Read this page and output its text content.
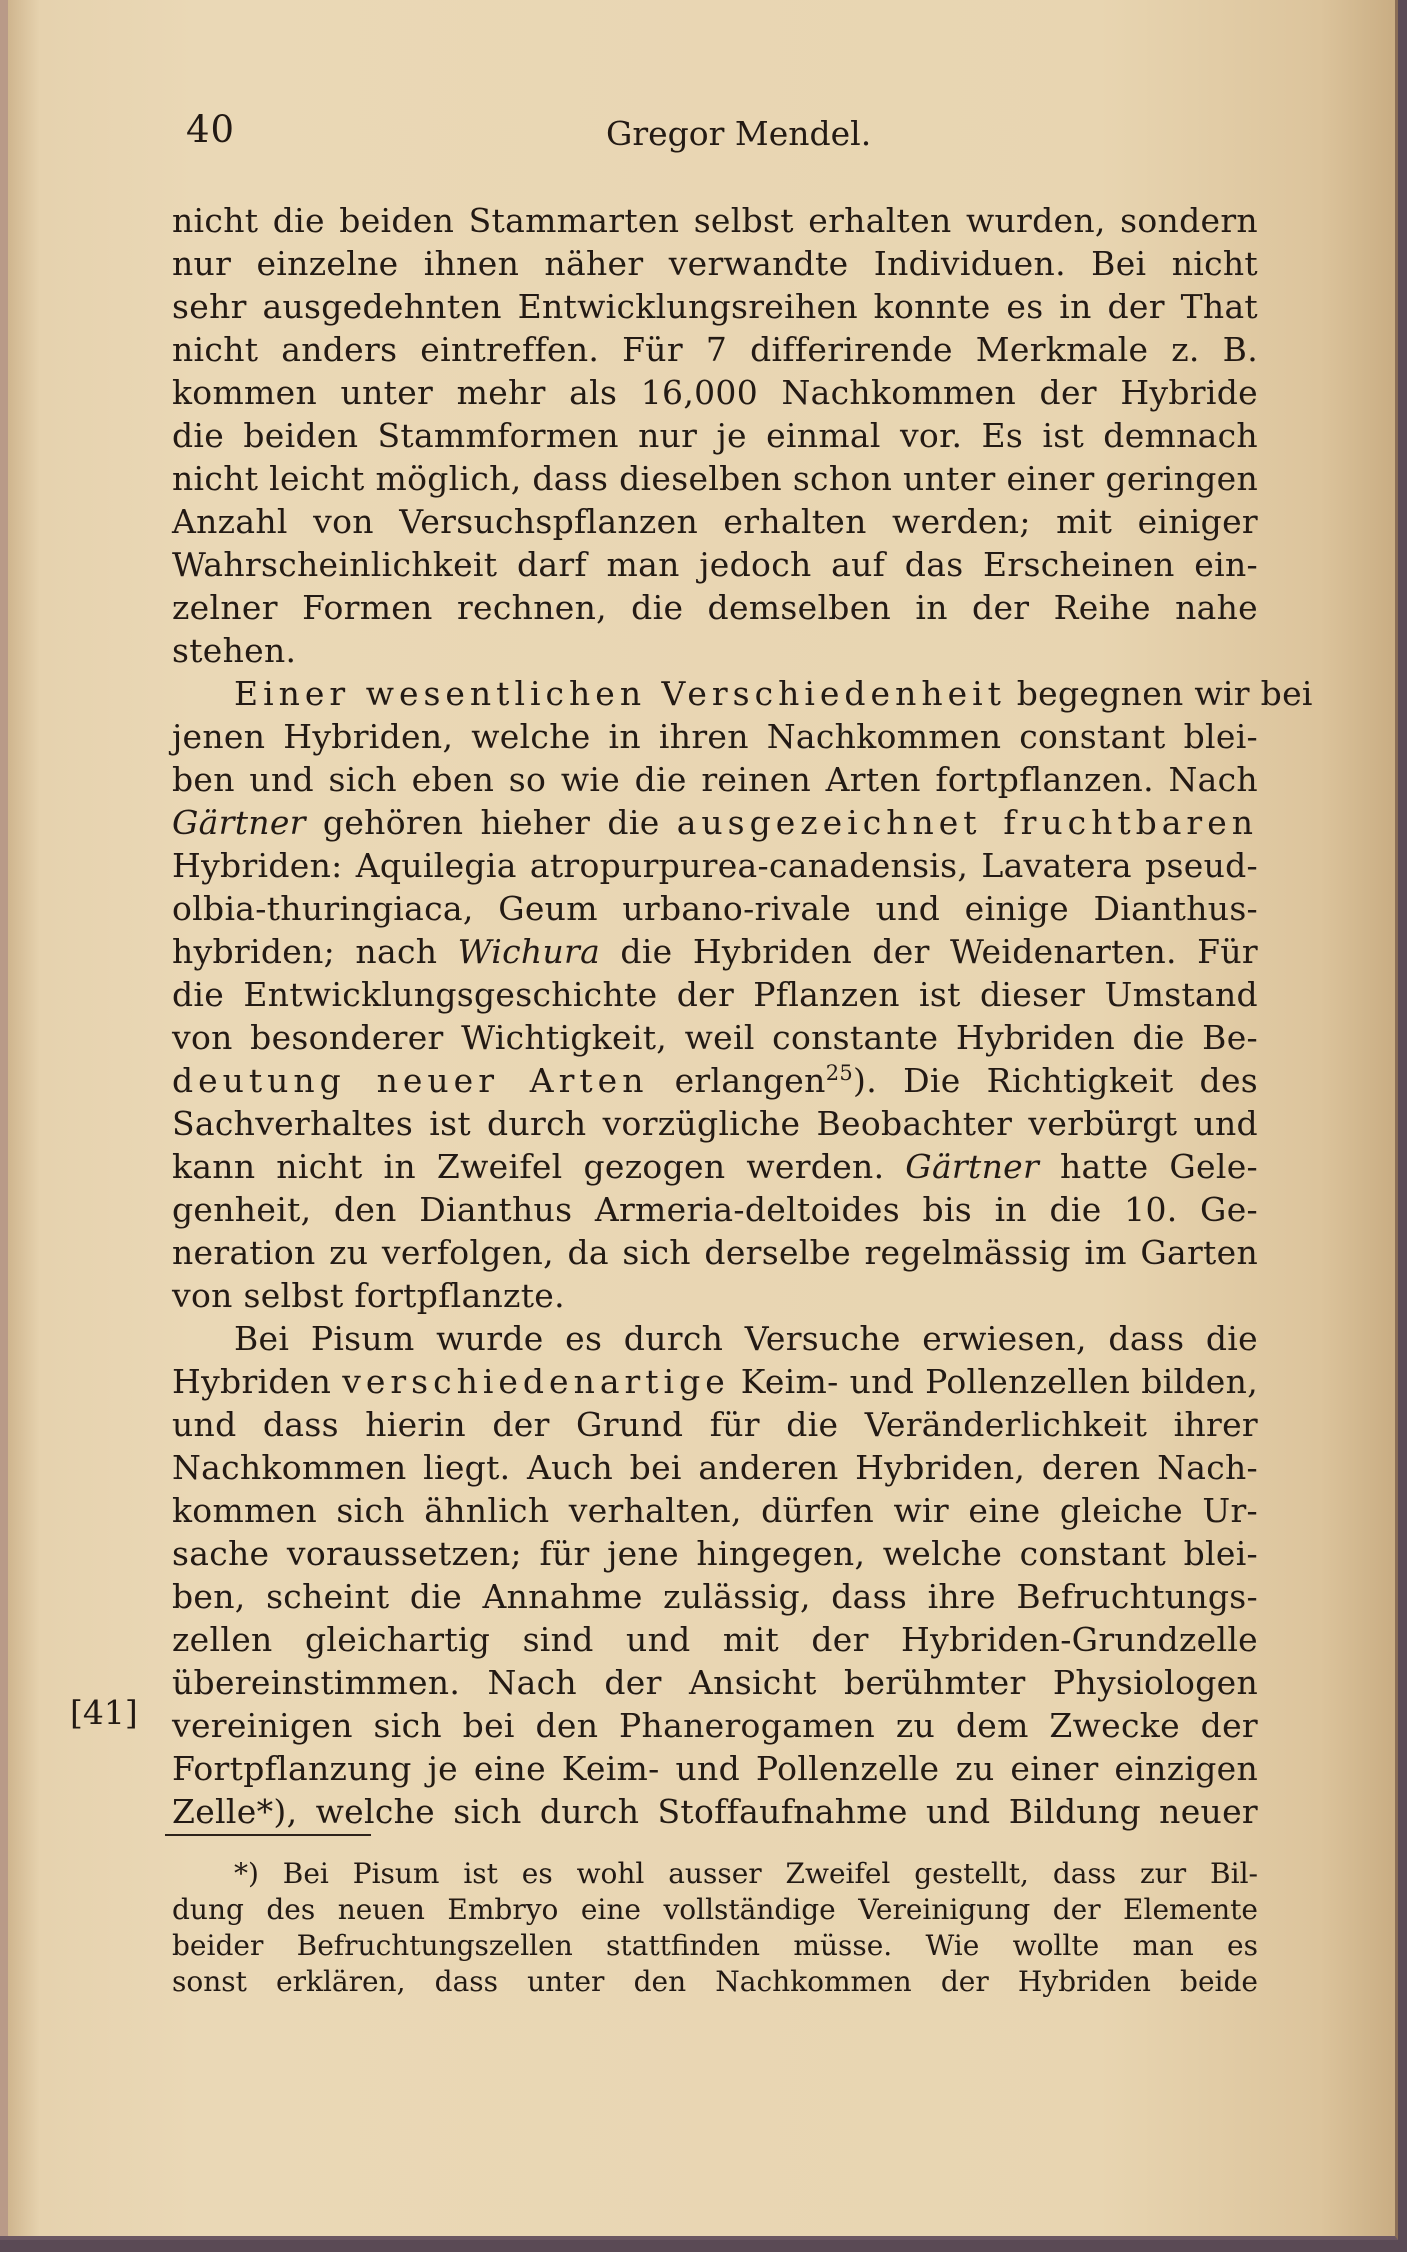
40	Gregor Mendel.
nicht die beiden Stammarten selbst erhalten wurden, sondern
nur einzelne ihnen näher verwandte Individuen. Bei nicht
sehr ausgedehnten Entwicklungsreihen konnte es in der That
nicht anders eintreffen. Für 7 differirende Merkmale z. B.
kommen unter mehr als 16,000 Nachkommen der Hybride
die beiden Stammformen nur je einmal vor. Es ist demnach
nicht leicht möglich, dass dieselben schon unter einer geringen
Anzahl von Versuchspflanzen erhalten werden; mit einiger
Wahrscheinlichkeit darf man jedoch auf das Erscheinen ein-
zelner Formen rechnen, die demselben in der Reihe nahe
stehen.
Einer wesentlichen Verschiedenheit begegnen wir bei
jenen Hybriden, welche in ihren Nachkommen constant blei-
ben und sich eben so wie die reinen Arten fortpflanzen. Nach
Gärtner gehören hieher die ausgezeichnet fruchtbaren
Hybriden: Aquilegia atropurpurea-canadensis, Lavatera pseud-
olbia-thuringiaca, Geum urbano-rivale und einige Dianthus-
hybriden; nach Wichura die Hybriden der Weidenarten. Für
die Entwicklungsgeschichte der Pflanzen ist dieser Umstand
von besonderer Wichtigkeit, weil constante Hybriden die Be-
deutung neuer Arten erlangen$^{25}$). Die Richtigkeit des
Sachverhaltes ist durch vorzügliche Beobachter verbürgt und
kann nicht in Zweifel gezogen werden. Gärtner hatte Gele-
genheit, den Dianthus Armeria-deltoides bis in die 10. Ge-
neration zu verfolgen, da sich derselbe regelmässig im Garten
von selbst fortpflanzte.
Bei Pisum wurde es durch Versuche erwiesen, dass die
Hybriden verschiedenartige Keim- und Pollenzellen bilden,
und dass hierin der Grund für die Veränderlichkeit ihrer
Nachkommen liegt. Auch bei anderen Hybriden, deren Nach-
kommen sich ähnlich verhalten, dürfen wir eine gleiche Ur-
sache voraussetzen; für jene hingegen, welche constant blei-
ben, scheint die Annahme zulässig, dass ihre Befruchtungs-
zellen gleichartig sind und mit der Hybriden-Grundzelle
übereinstimmen. Nach der Ansicht berühmter Physiologen
vereinigen sich bei den Phanerogamen zu dem Zwecke der
Fortpflanzung je eine Keim- und Pollenzelle zu einer einzigen
Zelle*), welche sich durch Stoffaufnahme und Bildung neuer
[41]
*) Bei Pisum ist es wohl ausser Zweifel gestellt, dass zur Bil-
dung des neuen Embryo eine vollständige Vereinigung der Elemente
beider Befruchtungszellen stattfinden müsse. Wie wollte man es
sonst erklären, dass unter den Nachkommen der Hybriden beide
